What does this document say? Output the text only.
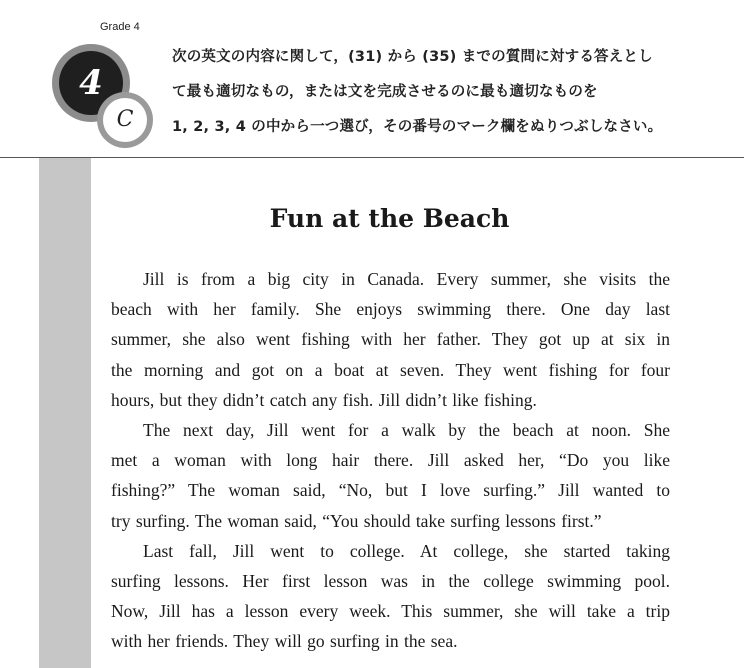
Grade 4
4
C
次の英文の内容に関して，(31) から (35) までの質問に対する答えとし
て最も適切なもの，または文を完成させるのに最も適切なものを
1, 2, 3, 4 の中から一つ選び，その番号のマーク欄をぬりつぶしなさい。
Fun at the Beach
Jill is from a big city in Canada. Every summer, she visits the
beach with her family. She enjoys swimming there. One day last
summer, she also went fishing with her father. They got up at six in
the morning and got on a boat at seven. They went fishing for four
hours, but they didn’t catch any fish. Jill didn’t like fishing.
The next day, Jill went for a walk by the beach at noon. She
met a woman with long hair there. Jill asked her, “Do you like
fishing?” The woman said, “No, but I love surfing.” Jill wanted to
try surfing. The woman said, “You should take surfing lessons first.”
Last fall, Jill went to college. At college, she started taking
surfing lessons. Her first lesson was in the college swimming pool.
Now, Jill has a lesson every week. This summer, she will take a trip
with her friends. They will go surfing in the sea.
